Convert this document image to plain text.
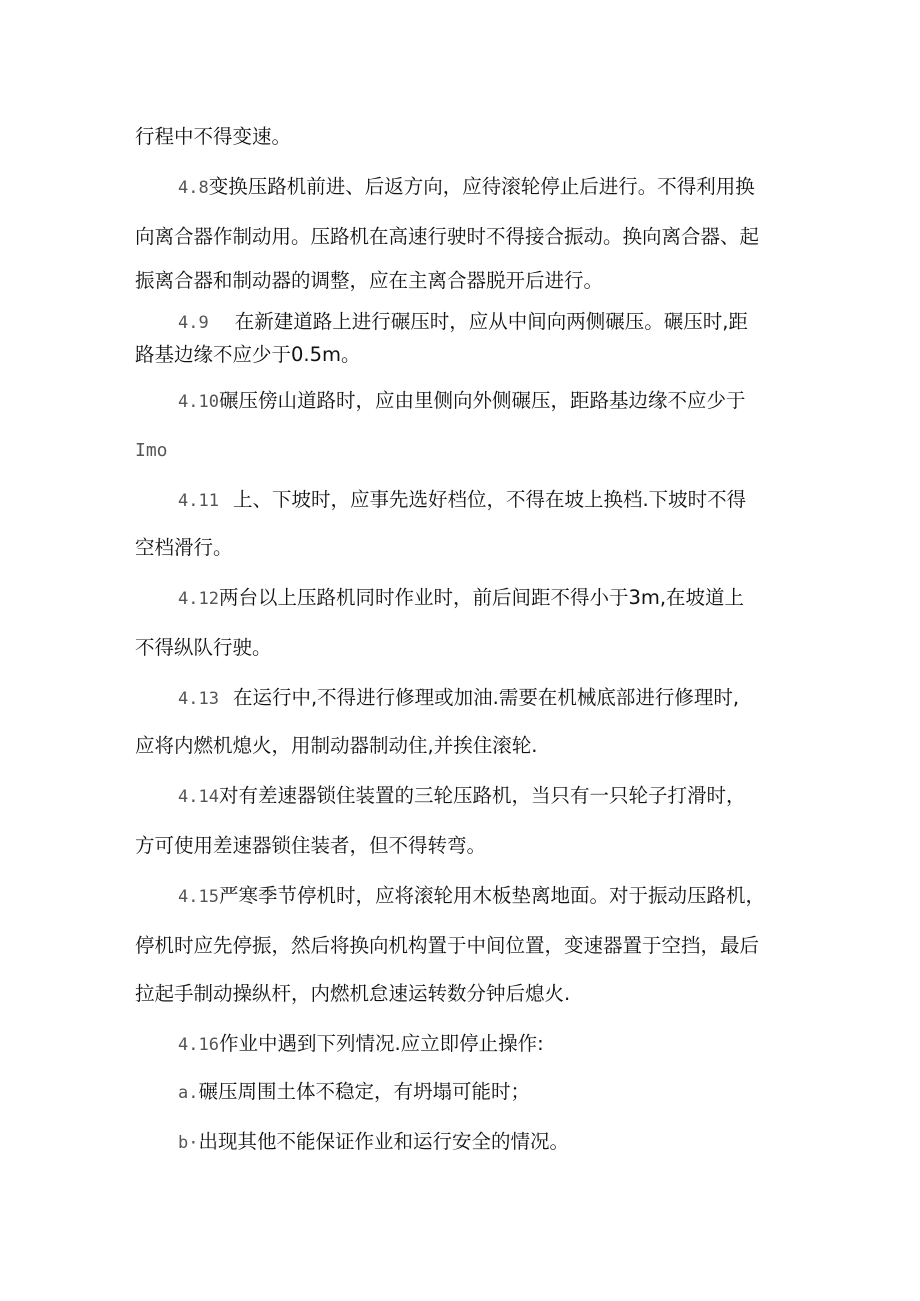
行程中不得变速。
4.8变换压路机前进、后返方向，应待滚轮停止后进行。不得利用换
向离合器作制动用。压路机在高速行驶时不得接合振动。换向离合器、起
振离合器和制动器的调整，应在主离合器脱开后进行。
4.9 在新建道路上进行碾压时，应从中间向两侧碾压。碾压时,距
路基边缘不应少于0.5m。
4.10碾压傍山道路时，应由里侧向外侧碾压，距路基边缘不应少于
Imo
4.11 上、下坡时，应事先选好档位，不得在坡上换档.下坡时不得
空档滑行。
4.12两台以上压路机同时作业时，前后间距不得小于3m,在坡道上
不得纵队行驶。
4.13 在运行中,不得进行修理或加油.需要在机械底部进行修理时,
应将内燃机熄火，用制动器制动住,并挨住滚轮.
4.14对有差速器锁住装置的三轮压路机，当只有一只轮子打滑时，
方可使用差速器锁住装者，但不得转弯。
4.15严寒季节停机时，应将滚轮用木板垫离地面。对于振动压路机，
停机时应先停振，然后将换向机构置于中间位置，变速器置于空挡，最后
拉起手制动操纵杆，内燃机怠速运转数分钟后熄火.
4.16作业中遇到下列情况.应立即停止操作:
a.碾压周围土体不稳定，有坍塌可能时；
b·出现其他不能保证作业和运行安全的情况。
